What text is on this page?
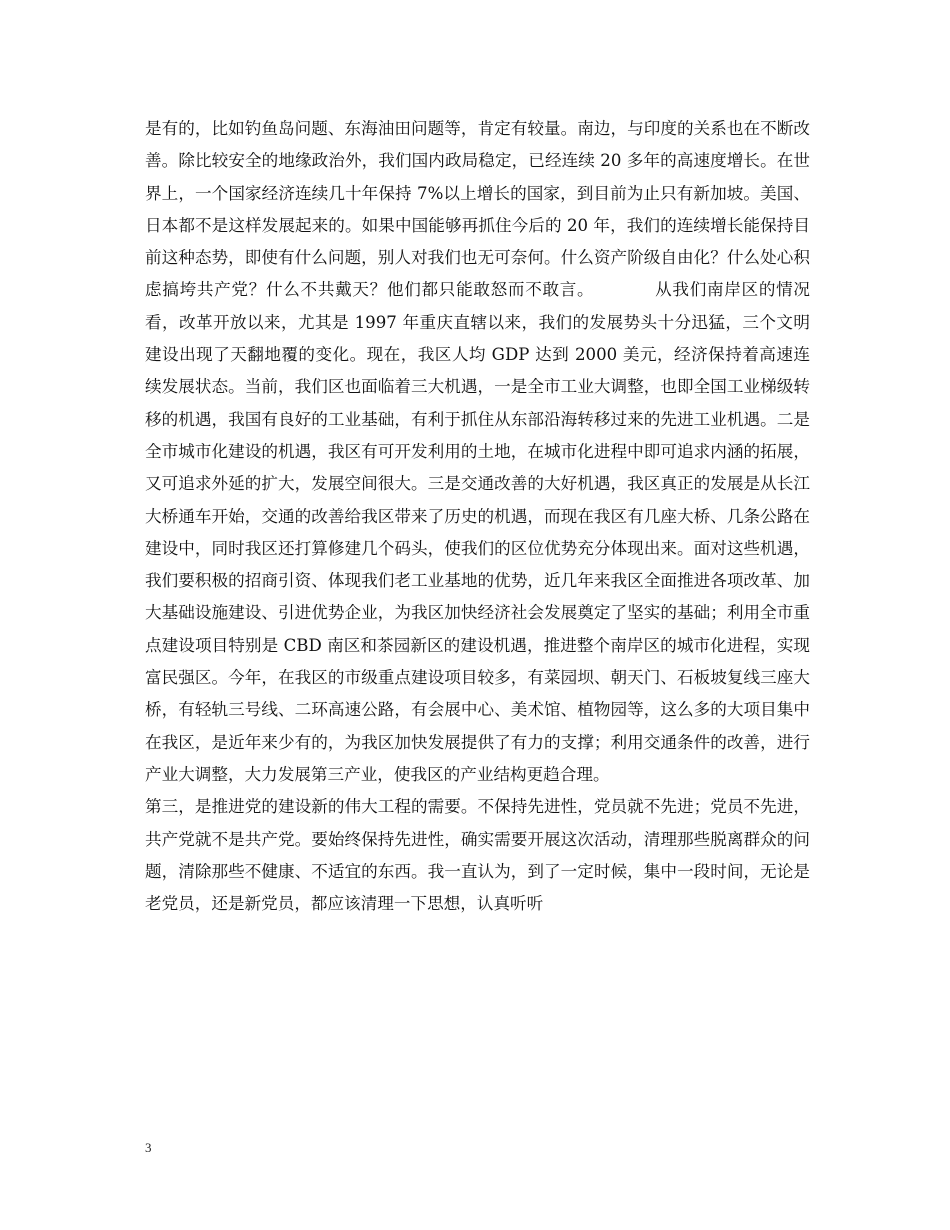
是有的，比如钓鱼岛问题、东海油田问题等，肯定有较量。南边，与印度的关系也在不断改善。除比较安全的地缘政治外，我们国内政局稳定，已经连续 20 多年的高速度增长。在世界上，一个国家经济连续几十年保持 7%以上增长的国家，到目前为止只有新加坡。美国、日本都不是这样发展起来的。如果中国能够再抓住今后的 20 年，我们的连续增长能保持目前这种态势，即使有什么问题，别人对我们也无可奈何。什么资产阶级自由化？什么处心积虑搞垮共产党？什么不共戴天？他们都只能敢怒而不敢言。　　　　从我们南岸区的情况看，改革开放以来，尤其是 1997 年重庆直辖以来，我们的发展势头十分迅猛，三个文明建设出现了天翻地覆的变化。现在，我区人均 GDP 达到 2000 美元，经济保持着高速连续发展状态。当前，我们区也面临着三大机遇，一是全市工业大调整，也即全国工业梯级转移的机遇，我国有良好的工业基础，有利于抓住从东部沿海转移过来的先进工业机遇。二是全市城市化建设的机遇，我区有可开发利用的土地，在城市化进程中即可追求内涵的拓展，又可追求外延的扩大，发展空间很大。三是交通改善的大好机遇，我区真正的发展是从长江大桥通车开始，交通的改善给我区带来了历史的机遇，而现在我区有几座大桥、几条公路在建设中，同时我区还打算修建几个码头，使我们的区位优势充分体现出来。面对这些机遇，我们要积极的招商引资、体现我们老工业基地的优势，近几年来我区全面推进各项改革、加大基础设施建设、引进优势企业，为我区加快经济社会发展奠定了坚实的基础；利用全市重点建设项目特别是 CBD 南区和茶园新区的建设机遇，推进整个南岸区的城市化进程，实现富民强区。今年，在我区的市级重点建设项目较多，有菜园坝、朝天门、石板坡复线三座大桥，有轻轨三号线、二环高速公路，有会展中心、美术馆、植物园等，这么多的大项目集中在我区，是近年来少有的，为我区加快发展提供了有力的支撑；利用交通条件的改善，进行产业大调整，大力发展第三产业，使我区的产业结构更趋合理。

第三，是推进党的建设新的伟大工程的需要。不保持先进性，党员就不先进；党员不先进，共产党就不是共产党。要始终保持先进性，确实需要开展这次活动，清理那些脱离群众的问题，清除那些不健康、不适宜的东西。我一直认为，到了一定时候，集中一段时间，无论是老党员，还是新党员，都应该清理一下思想，认真听听

3
